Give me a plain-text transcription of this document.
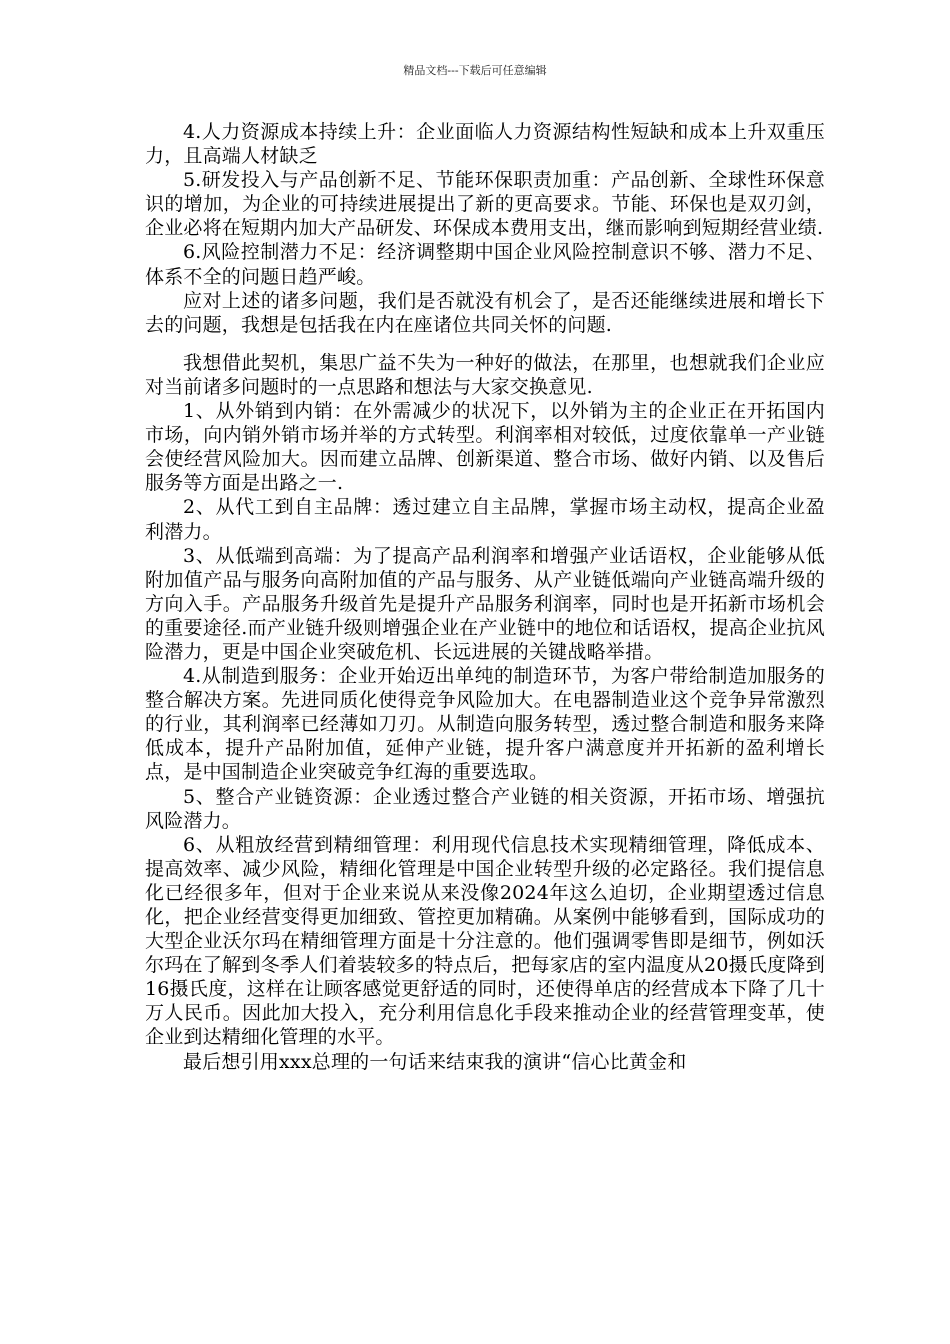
精品文档---下载后可任意编辑

4.人力资源成本持续上升：企业面临人力资源结构性短缺和成本上升双重压力，且高端人材缺乏

5.研发投入与产品创新不足、节能环保职责加重：产品创新、全球性环保意识的增加，为企业的可持续进展提出了新的更高要求。节能、环保也是双刃剑，企业必将在短期内加大产品研发、环保成本费用支出，继而影响到短期经营业绩.

6.风险控制潜力不足：经济调整期中国企业风险控制意识不够、潜力不足、体系不全的问题日趋严峻。

应对上述的诸多问题，我们是否就没有机会了，是否还能继续进展和增长下去的问题，我想是包括我在内在座诸位共同关怀的问题.

我想借此契机，集思广益不失为一种好的做法，在那里，也想就我们企业应对当前诸多问题时的一点思路和想法与大家交换意见.

1、从外销到内销：在外需减少的状况下，以外销为主的企业正在开拓国内市场，向内销外销市场并举的方式转型。利润率相对较低，过度依靠单一产业链会使经营风险加大。因而建立品牌、创新渠道、整合市场、做好内销、以及售后服务等方面是出路之一.

2、从代工到自主品牌：透过建立自主品牌，掌握市场主动权，提高企业盈利潜力。

3、从低端到高端：为了提高产品利润率和增强产业话语权，企业能够从低附加值产品与服务向高附加值的产品与服务、从产业链低端向产业链高端升级的方向入手。产品服务升级首先是提升产品服务利润率，同时也是开拓新市场机会的重要途径.而产业链升级则增强企业在产业链中的地位和话语权，提高企业抗风险潜力，更是中国企业突破危机、长远进展的关键战略举措。

4.从制造到服务：企业开始迈出单纯的制造环节，为客户带给制造加服务的整合解决方案。先进同质化使得竞争风险加大。在电器制造业这个竞争异常激烈的行业，其利润率已经薄如刀刃。从制造向服务转型，透过整合制造和服务来降低成本，提升产品附加值，延伸产业链，提升客户满意度并开拓新的盈利增长点，是中国制造企业突破竞争红海的重要选取。

5、整合产业链资源：企业透过整合产业链的相关资源，开拓市场、增强抗风险潜力。

6、从粗放经营到精细管理：利用现代信息技术实现精细管理，降低成本、提高效率、减少风险，精细化管理是中国企业转型升级的必定路径。我们提信息化已经很多年，但对于企业来说从来没像2024年这么迫切，企业期望透过信息化，把企业经营变得更加细致、管控更加精确。从案例中能够看到，国际成功的大型企业沃尔玛在精细管理方面是十分注意的。他们强调零售即是细节，例如沃尔玛在了解到冬季人们着装较多的特点后，把每家店的室内温度从20摄氏度降到16摄氏度，这样在让顾客感觉更舒适的同时，还使得单店的经营成本下降了几十万人民币。因此加大投入，充分利用信息化手段来推动企业的经营管理变革，使企业到达精细化管理的水平。

最后想引用xxx总理的一句话来结束我的演讲“信心比黄金和
